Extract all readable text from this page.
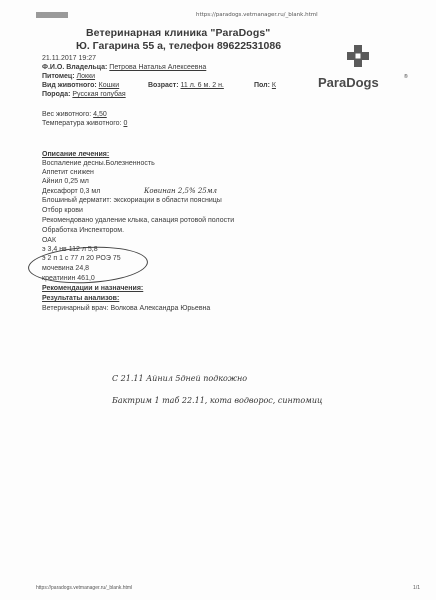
21.11.2017	https://paradogs.vetmanager.ru/_blank.html
Ветеринарная клиника "ParaDogs"
Ю. Гагарина 55 а, телефон 89622531086
ParaDogs	®
21.11.2017 19:27
Ф.И.О. Владельца: Петрова Наталья Алексеевна
Питомец: Локки
Вид животного: Кошки	Возраст: 11 л. 6 м. 2 н.	Пол: К
Порода: Русская голубая
Вес животного: 4,50
Температура животного: 0
Описание лечения:
Воспаление десны.Болезненность
Аппетит снижен
Айнил 0,25 мл
Дексафорт 0,3 мл	Ковинан 2,5% 25мл
Блошиный дерматит: экскориации в области поясницы
Отбор крови
Рекомендовано удаление клыка, санация ротовой полости
Обработка Инспектором.
ОАК
э 3,4 нв 112 л 5,8
э 2 п 1 с 77 л 20 РОЭ 75
мочевина 24,8
креатинин 461,0
Рекомендации и назначения:
Результаты анализов:
Ветеринарный врач: Волкова Александра Юрьевна
С 21.11 Айнил 5дней подкожно
Бактрим 1 таб 22.11, кота водворос, синтомиц
https://paradogs.vetmanager.ru/_blank.html	1/1
